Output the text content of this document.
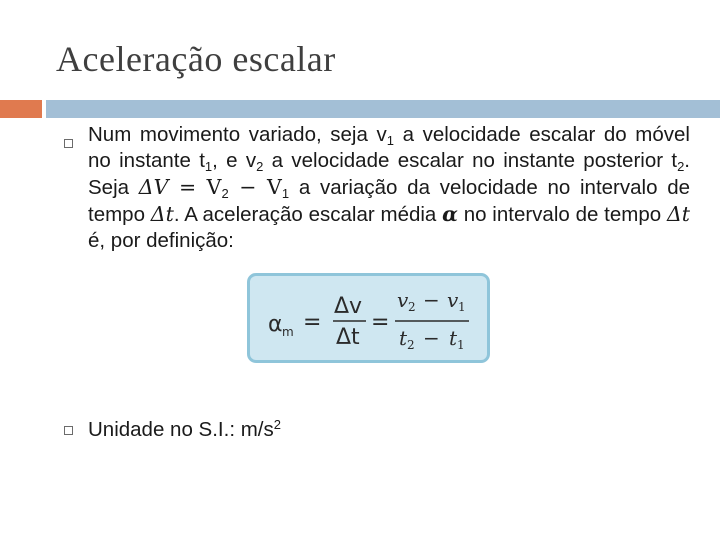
Aceleração escalar
Num movimento variado, seja $v_1$ a velocidade escalar do móvel no instante $t_1$, e $v_2$ a velocidade escalar no instante posterior $t_2$. Seja $\Delta V = V_2 - V_1$ a variação da velocidade no intervalo de tempo Δt. A aceleração escalar média α no intervalo de tempo Δt é, por definição:
α m =
Δv
Δt
=
v 2 − v 1
t 2 − t 1
Unidade no S.I.: $m/s^2$
